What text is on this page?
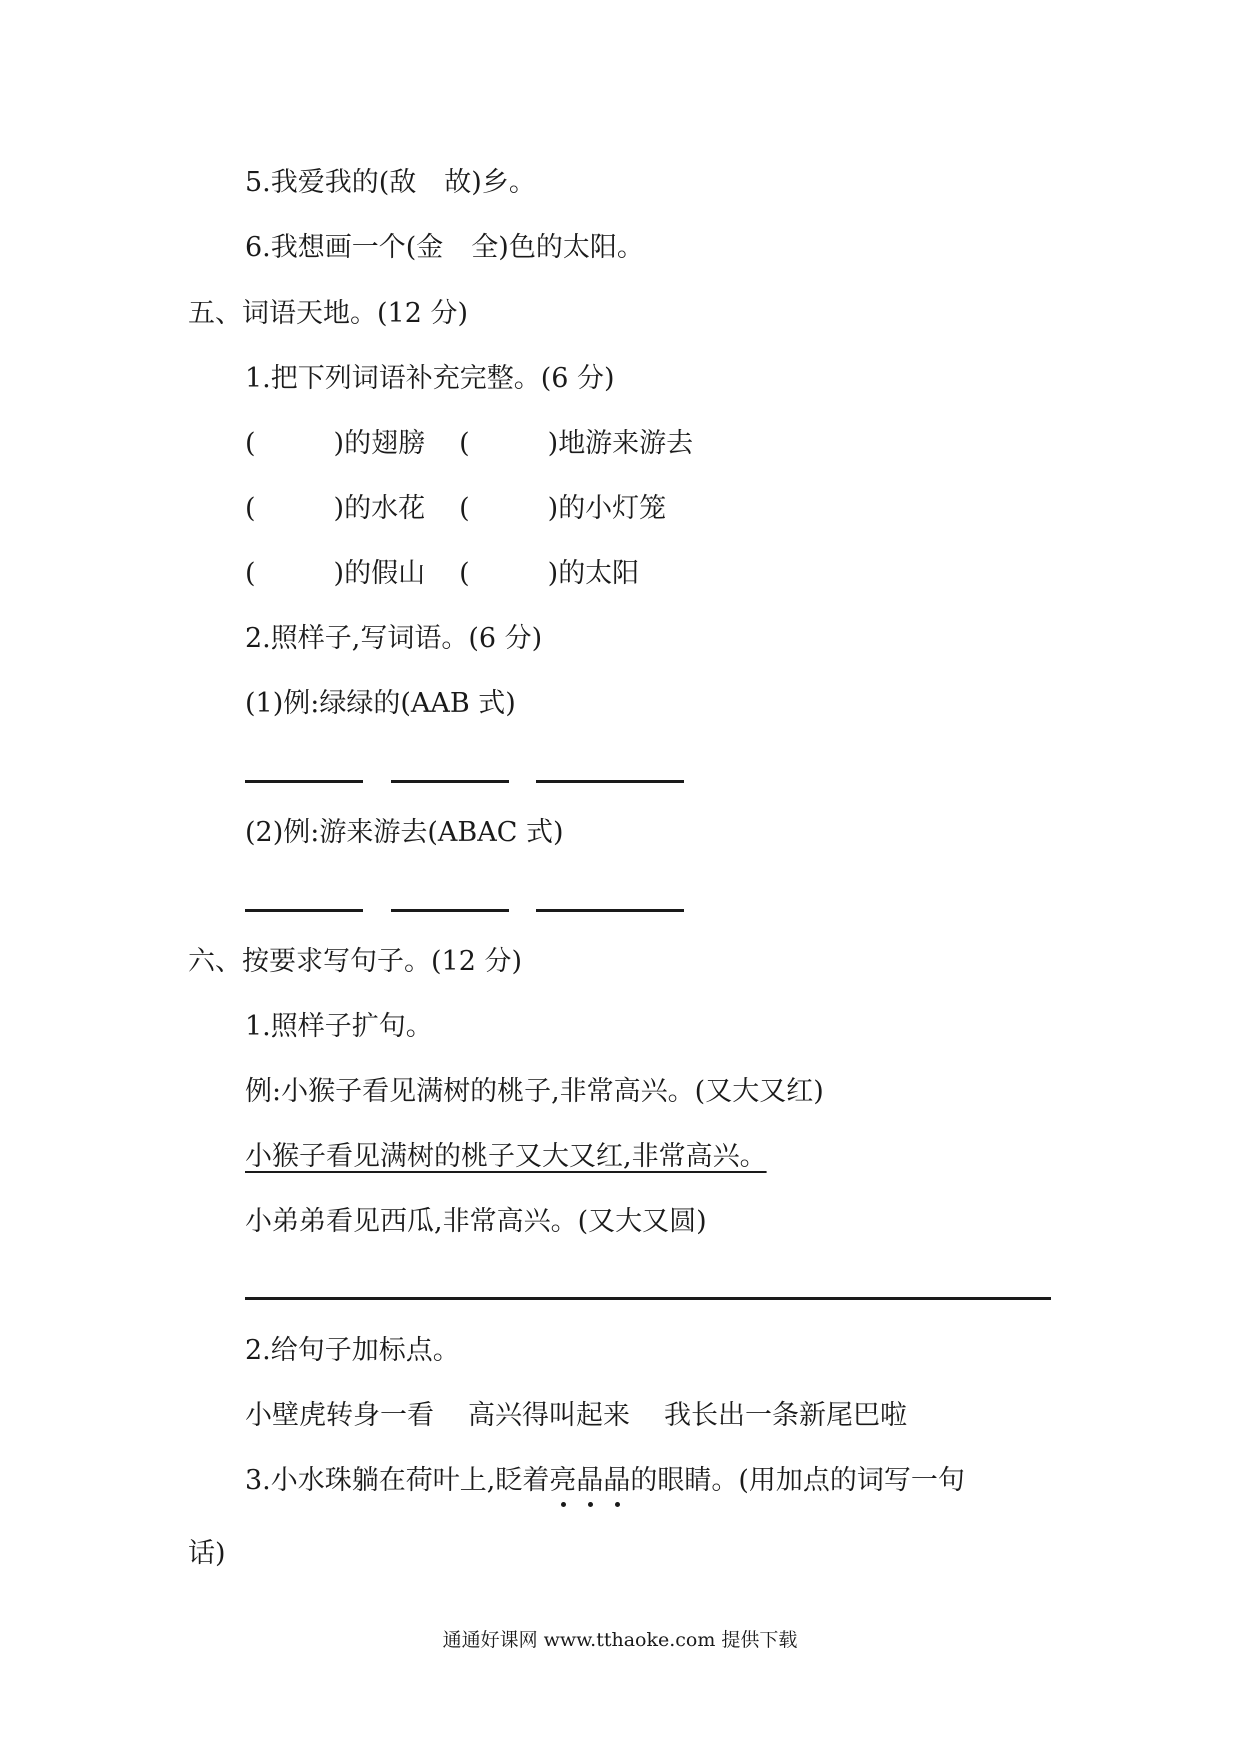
5.我爱我的(敌 故)乡。
6.我想画一个(金 全)色的太阳。
五、词语天地。(12 分)
1.把下列词语补充完整。(6 分)
(	)的翅膀 (	)地游来游去
(	)的水花 (	)的小灯笼
(	)的假山 (	)的太阳
2.照样子,写词语。(6 分)
(1)例:绿绿的(AAB 式)
(2)例:游来游去(ABAC 式)
六、按要求写句子。(12 分)
1.照样子扩句。
例:小猴子看见满树的桃子,非常高兴。(又大又红)
小猴子看见满树的桃子又大又红,非常高兴。
小弟弟看见西瓜,非常高兴。(又大又圆)
2.给句子加标点。
小壁虎转身一看 高兴得叫起来 我长出一条新尾巴啦
3.小水珠躺在荷叶上,眨着亮晶晶的眼睛。(用加点的词写一句
话)
通通好课网 www.tthaoke.com 提供下载
